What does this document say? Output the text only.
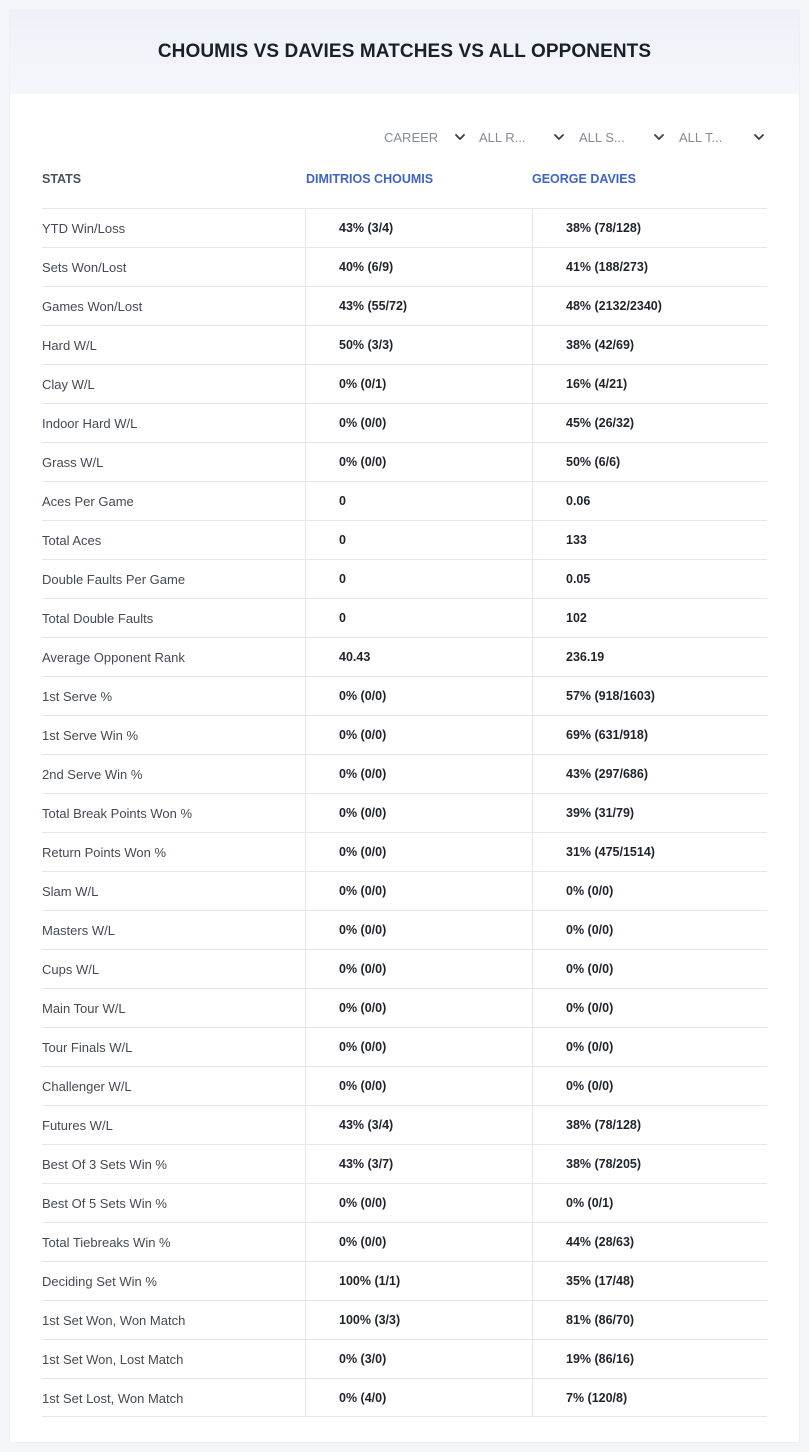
CHOUMIS VS DAVIES MATCHES VS ALL OPPONENTS
CAREER	ALL R...	ALL S...	ALL T...
STATS	DIMITRIOS CHOUMIS	GEORGE DAVIES
YTD Win/Loss	43% (3/4)	38% (78/128)
Sets Won/Lost	40% (6/9)	41% (188/273)
Games Won/Lost	43% (55/72)	48% (2132/2340)
Hard W/L	50% (3/3)	38% (42/69)
Clay W/L	0% (0/1)	16% (4/21)
Indoor Hard W/L	0% (0/0)	45% (26/32)
Grass W/L	0% (0/0)	50% (6/6)
Aces Per Game	0	0.06
Total Aces	0	133
Double Faults Per Game	0	0.05
Total Double Faults	0	102
Average Opponent Rank	40.43	236.19
1st Serve %	0% (0/0)	57% (918/1603)
1st Serve Win %	0% (0/0)	69% (631/918)
2nd Serve Win %	0% (0/0)	43% (297/686)
Total Break Points Won %	0% (0/0)	39% (31/79)
Return Points Won %	0% (0/0)	31% (475/1514)
Slam W/L	0% (0/0)	0% (0/0)
Masters W/L	0% (0/0)	0% (0/0)
Cups W/L	0% (0/0)	0% (0/0)
Main Tour W/L	0% (0/0)	0% (0/0)
Tour Finals W/L	0% (0/0)	0% (0/0)
Challenger W/L	0% (0/0)	0% (0/0)
Futures W/L	43% (3/4)	38% (78/128)
Best Of 3 Sets Win %	43% (3/7)	38% (78/205)
Best Of 5 Sets Win %	0% (0/0)	0% (0/1)
Total Tiebreaks Win %	0% (0/0)	44% (28/63)
Deciding Set Win %	100% (1/1)	35% (17/48)
1st Set Won, Won Match	100% (3/3)	81% (86/70)
1st Set Won, Lost Match	0% (3/0)	19% (86/16)
1st Set Lost, Won Match	0% (4/0)	7% (120/8)
